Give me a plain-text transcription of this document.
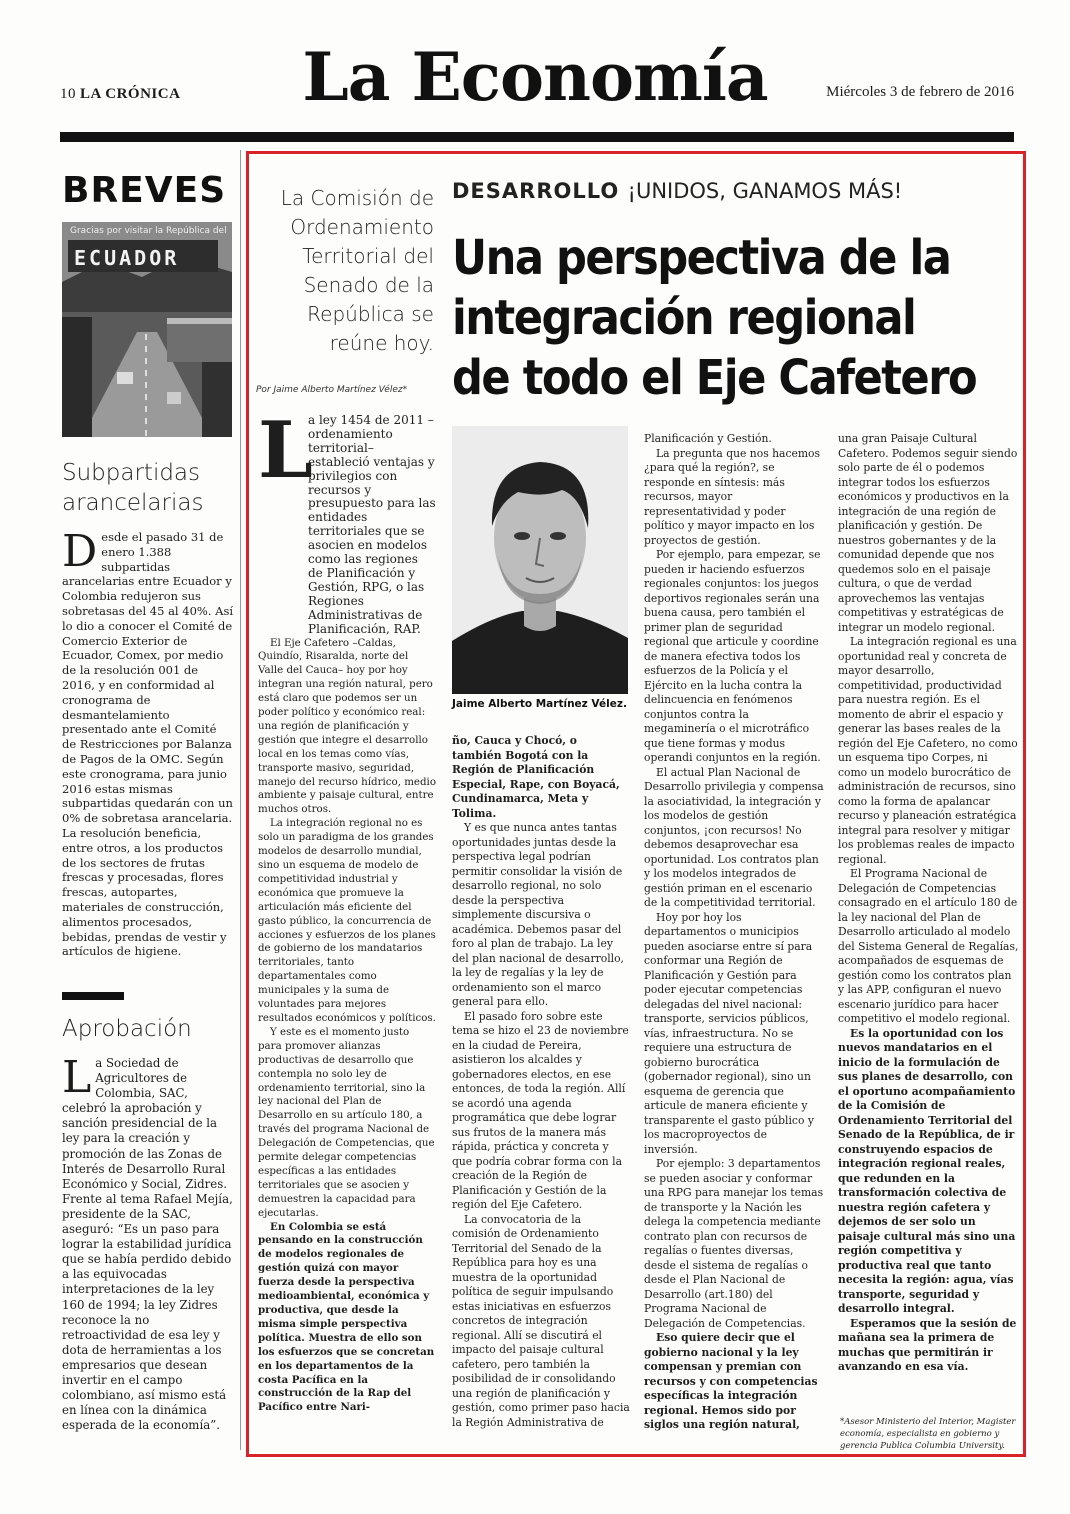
10 LA CRÓNICA	La Economía	Miércoles 3 de febrero de 2016
BREVES
Gracias por visitar la República del
ECUADOR
Subpartidas
arancelarias

Desde el pasado 31 de enero 1.388 subpartidas arancelarias entre Ecuador y Colombia redujeron sus sobretasas del 45 al 40%. Así lo dio a conocer el Comité de Comercio Exterior de Ecuador, Comex, por medio de la resolución 001 de 2016, y en conformidad al cronograma de desmantelamiento presentado ante el Comité de Restricciones por Balanza de Pagos de la OMC. Según este cronograma, para junio 2016 estas mismas subpartidas quedarán con un 0% de sobretasa arancelaria. La resolución beneficia, entre otros, a los productos de los sectores de frutas frescas y procesadas, flores frescas, autopartes, materiales de construcción, alimentos procesados, bebidas, prendas de vestir y artículos de higiene.

Aprobación

La Sociedad de Agricultores de Colombia, SAC, celebró la aprobación y sanción presidencial de la ley para la creación y promoción de las Zonas de Interés de Desarrollo Rural Económico y Social, Zidres. Frente al tema Rafael Mejía, presidente de la SAC, aseguró: “Es un paso para lograr la estabilidad jurídica que se había perdido debido a las equivocadas interpretaciones de la ley 160 de 1994; la ley Zidres reconoce la no retroactividad de esa ley y dota de herramientas a los empresarios que desean invertir en el campo colombiano, así mismo está en línea con la dinámica esperada de la economía”.

La Comisión de Ordenamiento Territorial del Senado de la República se reúne hoy.
Por Jaime Alberto Martínez Vélez*
DESARROLLO ¡UNIDOS, GANAMOS MÁS!
Una perspectiva de la
integración regional
de todo el Eje Cafetero

L
a ley 1454 de 2011 –ordenamiento territorial– estableció ventajas y privilegios con recursos y presupuesto para las entidades territoriales que se asocien en modelos como las regiones de Planificación y Gestión, RPG, o las Regiones Administrativas de Planificación, RAP.

El Eje Cafetero –Caldas, Quindío, Risaralda, norte del Valle del Cauca– hoy por hoy integran una región natural, pero está claro que podemos ser un poder político y económico real: una región de planificación y gestión que integre el desarrollo local en los temas como vías, transporte masivo, seguridad, manejo del recurso hídrico, medio ambiente y paisaje cultural, entre muchos otros.

La integración regional no es solo un paradigma de los grandes modelos de desarrollo mundial, sino un esquema de modelo de competitividad industrial y económica que promueve la articulación más eficiente del gasto público, la concurrencia de acciones y esfuerzos de los planes de gobierno de los mandatarios territoriales, tanto departamentales como municipales y la suma de voluntades para mejores resultados económicos y políticos.

Y este es el momento justo para promover alianzas productivas de desarrollo que contempla no solo ley de ordenamiento territorial, sino la ley nacional del Plan de Desarrollo en su artículo 180, a través del programa Nacional de Delegación de Competencias, que permite delegar competencias específicas a las entidades territoriales que se asocien y demuestren la capacidad para ejecutarlas.

En Colombia se está pensando en la construcción de modelos regionales de gestión quizá con mayor fuerza desde la perspectiva medioambiental, económica y productiva, que desde la misma simple perspectiva política. Muestra de ello son los esfuerzos que se concretan en los departamentos de la costa Pacífica en la construcción de la Rap del Pacífico entre Nari-

Jaime Alberto Martínez Vélez.

ño, Cauca y Chocó, o también Bogotá con la Región de Planificación Especial, Rape, con Boyacá, Cundinamarca, Meta y Tolima.

Y es que nunca antes tantas oportunidades juntas desde la perspectiva legal podrían permitir consolidar la visión de desarrollo regional, no solo desde la perspectiva simplemente discursiva o académica. Debemos pasar del foro al plan de trabajo. La ley del plan nacional de desarrollo, la ley de regalías y la ley de ordenamiento son el marco general para ello.

El pasado foro sobre este tema se hizo el 23 de noviembre en la ciudad de Pereira, asistieron los alcaldes y gobernadores electos, en ese entonces, de toda la región. Allí se acordó una agenda programática que debe lograr sus frutos de la manera más rápida, práctica y concreta y que podría cobrar forma con la creación de la Región de Planificación y Gestión de la región del Eje Cafetero.

La convocatoria de la comisión de Ordenamiento Territorial del Senado de la República para hoy es una muestra de la oportunidad política de seguir impulsando estas iniciativas en esfuerzos concretos de integración regional. Allí se discutirá el impacto del paisaje cultural cafetero, pero también la posibilidad de ir consolidando una región de planificación y gestión, como primer paso hacia la Región Administrativa de

Planificación y Gestión.

La pregunta que nos hacemos ¿para qué la región?, se responde en síntesis: más recursos, mayor representatividad y poder político y mayor impacto en los proyectos de gestión.

Por ejemplo, para empezar, se pueden ir haciendo esfuerzos regionales conjuntos: los juegos deportivos regionales serán una buena causa, pero también el primer plan de seguridad regional que articule y coordine de manera efectiva todos los esfuerzos de la Policía y el Ejército en la lucha contra la delincuencia en fenómenos conjuntos contra la megaminería o el microtráfico que tiene formas y modus operandi conjuntos en la región.

El actual Plan Nacional de Desarrollo privilegia y compensa la asociatividad, la integración y los modelos de gestión conjuntos, ¡con recursos! No debemos desaprovechar esa oportunidad. Los contratos plan y los modelos integrados de gestión priman en el escenario de la competitividad territorial.

Hoy por hoy los departamentos o municipios pueden asociarse entre sí para conformar una Región de Planificación y Gestión para poder ejecutar competencias delegadas del nivel nacional: transporte, servicios públicos, vías, infraestructura. No se requiere una estructura de gobierno burocrática (gobernador regional), sino un esquema de gerencia que articule de manera eficiente y transparente el gasto público y los macroproyectos de inversión.

Por ejemplo: 3 departamentos se pueden asociar y conformar una RPG para manejar los temas de transporte y la Nación les delega la competencia mediante contrato plan con recursos de regalías o fuentes diversas, desde el sistema de regalías o desde el Plan Nacional de Desarrollo (art.180) del Programa Nacional de Delegación de Competencias.

Eso quiere decir que el gobierno nacional y la ley compensan y premian con recursos y con competencias específicas la integración regional. Hemos sido por siglos una región natural,

una gran Paisaje Cultural Cafetero. Podemos seguir siendo solo parte de él o podemos integrar todos los esfuerzos económicos y productivos en la integración de una región de planificación y gestión. De nuestros gobernantes y de la comunidad depende que nos quedemos solo en el paisaje cultura, o que de verdad aprovechemos las ventajas competitivas y estratégicas de integrar un modelo regional.

La integración regional es una oportunidad real y concreta de mayor desarrollo, competitividad, productividad para nuestra región. Es el momento de abrir el espacio y generar las bases reales de la región del Eje Cafetero, no como un esquema tipo Corpes, ni como un modelo burocrático de administración de recursos, sino como la forma de apalancar recurso y planeación estratégica integral para resolver y mitigar los problemas reales de impacto regional.

El Programa Nacional de Delegación de Competencias consagrado en el artículo 180 de la ley nacional del Plan de Desarrollo articulado al modelo del Sistema General de Regalías, acompañados de esquemas de gestión como los contratos plan y las APP, configuran el nuevo escenario jurídico para hacer competitivo el modelo regional.

Es la oportunidad con los nuevos mandatarios en el inicio de la formulación de sus planes de desarrollo, con el oportuno acompañamiento de la Comisión de Ordenamiento Territorial del Senado de la República, de ir construyendo espacios de integración regional reales, que redunden en la transformación colectiva de nuestra región cafetera y dejemos de ser solo un paisaje cultural más sino una región competitiva y productiva real que tanto necesita la región: agua, vías transporte, seguridad y desarrollo integral.

Esperamos que la sesión de mañana sea la primera de muchas que permitirán ir avanzando en esa vía.

*Asesor Ministerio del Interior, Magister economía, especialista en gobierno y gerencia Publica Columbia University.
